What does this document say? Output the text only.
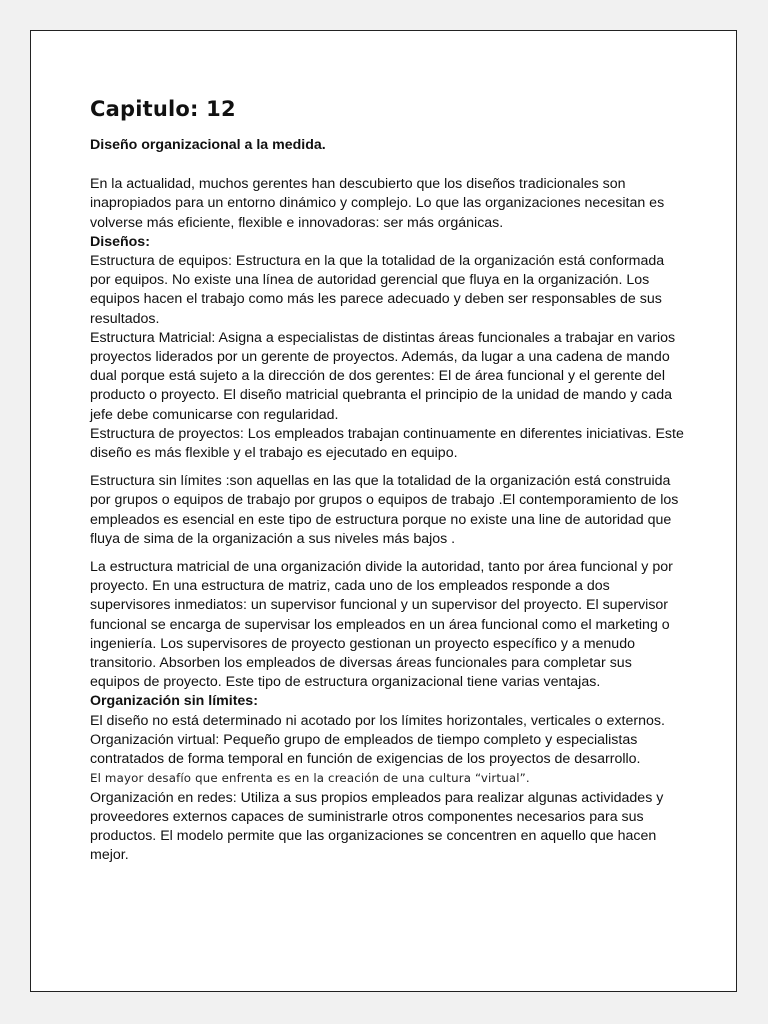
Capitulo: 12

Diseño organizacional a la medida.

En la actualidad, muchos gerentes han descubierto que los diseños tradicionales son inapropiados para un entorno dinámico y complejo. Lo que las organizaciones necesitan es volverse más eficiente, flexible e innovadoras: ser más orgánicas.

Diseños:

Estructura de equipos: Estructura en la que la totalidad de la organización está conformada por equipos. No existe una línea de autoridad gerencial que fluya en la organización. Los equipos hacen el trabajo como más les parece adecuado y deben ser responsables de sus resultados.

Estructura Matricial: Asigna a especialistas de distintas áreas funcionales a trabajar en varios proyectos liderados por un gerente de proyectos. Además, da lugar a una cadena de mando dual porque está sujeto a la dirección de dos gerentes: El de área funcional y el gerente del producto o proyecto. El diseño matricial quebranta el principio de la unidad de mando y cada jefe debe comunicarse con regularidad.

Estructura de proyectos: Los empleados trabajan continuamente en diferentes iniciativas. Este diseño es más flexible y el trabajo es ejecutado en equipo.

Estructura sin límites :son aquellas en las que la totalidad de la organización está construida por grupos o equipos de trabajo por grupos o equipos de trabajo .El contemporamiento de los empleados es esencial en este tipo de estructura porque no existe una line de autoridad que fluya de sima de la organización a sus niveles más bajos .

La estructura matricial de una organización divide la autoridad, tanto por área funcional y por proyecto. En una estructura de matriz, cada uno de los empleados responde a dos supervisores inmediatos: un supervisor funcional y un supervisor del proyecto. El supervisor funcional se encarga de supervisar los empleados en un área funcional como el marketing o ingeniería. Los supervisores de proyecto gestionan un proyecto específico y a menudo transitorio. Absorben los empleados de diversas áreas funcionales para completar sus equipos de proyecto. Este tipo de estructura organizacional tiene varias ventajas.

Organización sin límites:

El diseño no está determinado ni acotado por los límites horizontales, verticales o externos.

Organización virtual: Pequeño grupo de empleados de tiempo completo y especialistas contratados de forma temporal en función de exigencias de los proyectos de desarrollo.

El mayor desafío que enfrenta es en la creación de una cultura “virtual”.

Organización en redes: Utiliza a sus propios empleados para realizar algunas actividades y proveedores externos capaces de suministrarle otros componentes necesarios para sus productos. El modelo permite que las organizaciones se concentren en aquello que hacen mejor.
